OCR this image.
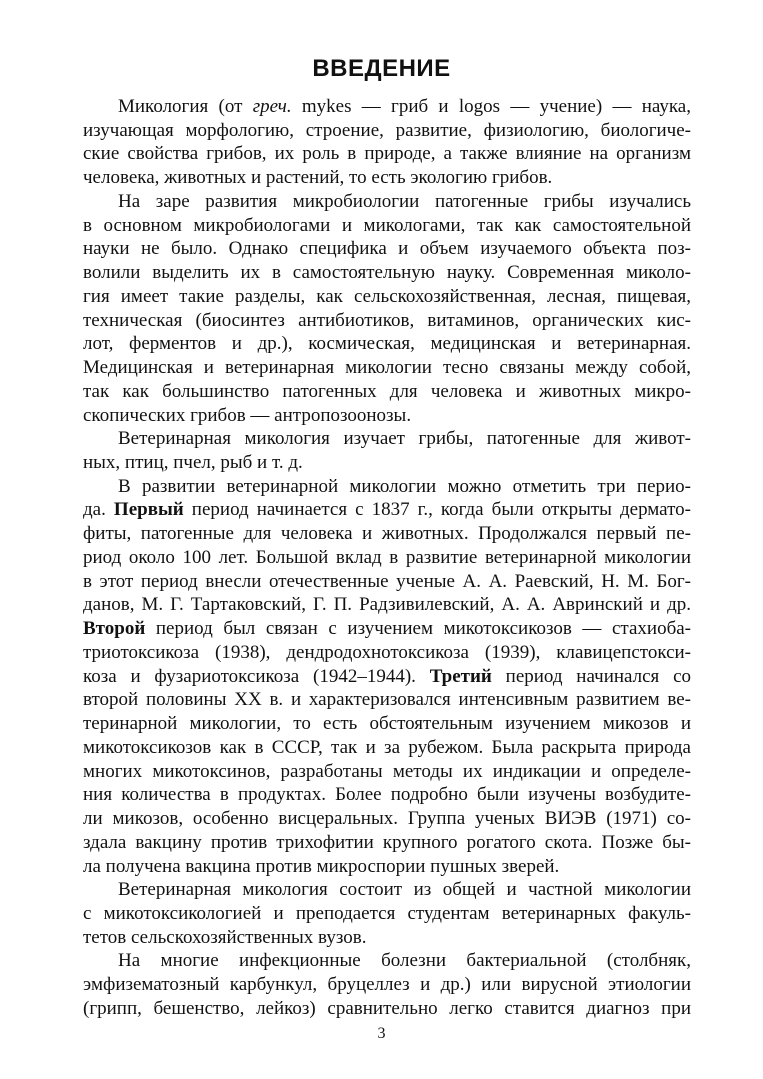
ВВЕДЕНИЕ
Микология (от греч. mykes — гриб и logos — учение) — наука,
изучающая морфологию, строение, развитие, физиологию, биологиче-
ские свойства грибов, их роль в природе, а также влияние на организм
человека, животных и растений, то есть экологию грибов.
На заре развития микробиологии патогенные грибы изучались
в основном микробиологами и микологами, так как самостоятельной
науки не было. Однако специфика и объем изучаемого объекта поз-
волили выделить их в самостоятельную науку. Современная миколо-
гия имеет такие разделы, как сельскохозяйственная, лесная, пищевая,
техническая (биосинтез антибиотиков, витаминов, органических кис-
лот, ферментов и др.), космическая, медицинская и ветеринарная.
Медицинская и ветеринарная микологии тесно связаны между собой,
так как большинство патогенных для человека и животных микро-
скопических грибов — антропозоонозы.
Ветеринарная микология изучает грибы, патогенные для живот-
ных, птиц, пчел, рыб и т. д.
В развитии ветеринарной микологии можно отметить три перио-
да. Первый период начинается с 1837 г., когда были открыты дермато-
фиты, патогенные для человека и животных. Продолжался первый пе-
риод около 100 лет. Большой вклад в развитие ветеринарной микологии
в этот период внесли отечественные ученые А. А. Раевский, Н. М. Бог-
данов, М. Г. Тартаковский, Г. П. Радзивилевский, А. А. Авринский и др.
Второй период был связан с изучением микотоксикозов — стахиоба-
триотоксикоза (1938), дендродохнотоксикоза (1939), клавицепстокси-
коза и фузариотоксикоза (1942–1944). Третий период начинался со
второй половины XX в. и характеризовался интенсивным развитием ве-
теринарной микологии, то есть обстоятельным изучением микозов и
микотоксикозов как в СССР, так и за рубежом. Была раскрыта природа
многих микотоксинов, разработаны методы их индикации и определе-
ния количества в продуктах. Более подробно были изучены возбудите-
ли микозов, особенно висцеральных. Группа ученых ВИЭВ (1971) со-
здала вакцину против трихофитии крупного рогатого скота. Позже бы-
ла получена вакцина против микроспории пушных зверей.
Ветеринарная микология состоит из общей и частной микологии
с микотоксикологией и преподается студентам ветеринарных факуль-
тетов сельскохозяйственных вузов.
На многие инфекционные болезни бактериальной (столбняк,
эмфизематозный карбункул, бруцеллез и др.) или вирусной этиологии
(грипп, бешенство, лейкоз) сравнительно легко ставится диагноз при
3
